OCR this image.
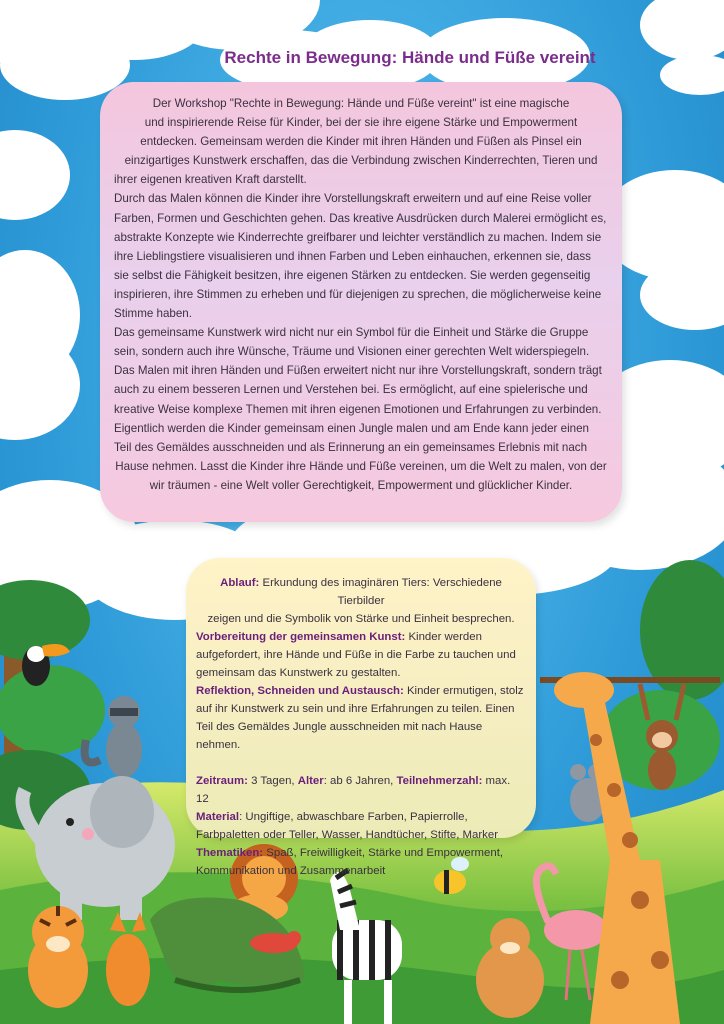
Rechte in Bewegung: Hände und Füße vereint

Der Workshop "Rechte in Bewegung: Hände und Füße vereint" ist eine magische

und inspirierende Reise für Kinder, bei der sie ihre eigene Stärke und Empowerment

entdecken. Gemeinsam werden die Kinder mit ihren Händen und Füßen als Pinsel ein

einzigartiges Kunstwerk erschaffen, das die Verbindung zwischen Kinderrechten, Tieren und

ihrer eigenen kreativen Kraft darstellt.

Durch das Malen können die Kinder ihre Vorstellungskraft erweitern und auf eine Reise voller Farben, Formen und Geschichten gehen. Das kreative Ausdrücken durch Malerei ermöglicht es, abstrakte Konzepte wie Kinderrechte greifbarer und leichter verständlich zu machen. Indem sie ihre Lieblingstiere visualisieren und ihnen Farben und Leben einhauchen, erkennen sie, dass sie selbst die Fähigkeit besitzen, ihre eigenen Stärken zu entdecken. Sie werden gegenseitig inspirieren, ihre Stimmen zu erheben und für diejenigen zu sprechen, die möglicherweise keine Stimme haben.

Das gemeinsame Kunstwerk wird nicht nur ein Symbol für die Einheit und Stärke die Gruppe sein, sondern auch ihre Wünsche, Träume und Visionen einer gerechten Welt widerspiegeln. Das Malen mit ihren Händen und Füßen erweitert nicht nur ihre Vorstellungskraft, sondern trägt auch zu einem besseren Lernen und Verstehen bei. Es ermöglicht, auf eine spielerische und kreative Weise komplexe Themen mit ihren eigenen Emotionen und Erfahrungen zu verbinden. Eigentlich werden die Kinder gemeinsam einen Jungle malen und am Ende kann jeder einen Teil des Gemäldes ausschneiden und als Erinnerung an ein gemeinsames Erlebnis mit nach

Hause nehmen. Lasst die Kinder ihre Hände und Füße vereinen, um die Welt zu malen, von der

wir träumen - eine Welt voller Gerechtigkeit, Empowerment und glücklicher Kinder.

Ablauf: Erkundung des imaginären Tiers: Verschiedene Tierbilder

zeigen und die Symbolik von Stärke und Einheit besprechen.

Vorbereitung der gemeinsamen Kunst: Kinder werden aufgefordert, ihre Hände und Füße in die Farbe zu tauchen und gemeinsam das Kunstwerk zu gestalten.

Reflektion, Schneiden und Austausch: Kinder ermutigen, stolz auf ihr Kunstwerk zu sein und ihre Erfahrungen zu teilen. Einen Teil des Gemäldes Jungle ausschneiden mit nach Hause nehmen.

Zeitraum: 3 Tagen, Alter: ab 6 Jahren, Teilnehmerzahl: max. 12

Material: Ungiftige, abwaschbare Farben, Papierrolle, Farbpaletten oder Teller, Wasser, Handtücher, Stifte, Marker

Thematiken: Spaß, Freiwilligkeit, Stärke und Empowerment, Kommunikation und Zusammenarbeit
